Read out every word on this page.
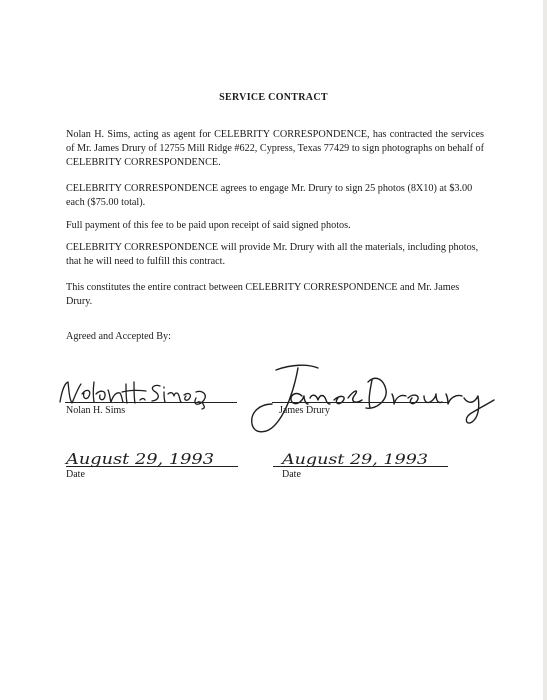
SERVICE CONTRACT

Nolan H. Sims, acting as agent for CELEBRITY CORRESPONDENCE, has contracted the services of Mr. James Drury of 12755 Mill Ridge #622, Cypress, Texas 77429 to sign photographs on behalf of CELEBRITY CORRESPONDENCE.

CELEBRITY CORRESPONDENCE agrees to engage Mr. Drury to sign 25 photos (8X10) at $3.00 each ($75.00 total).

Full payment of this fee to be paid upon receipt of said signed photos.

CELEBRITY CORRESPONDENCE will provide Mr. Drury with all the materials, including photos, that he will need to fulfill this contract.

This constitutes the entire contract between CELEBRITY CORRESPONDENCE and Mr. James Drury.

Agreed and Accepted By:

Nolan H. Sims	James Drury
August 29, 1993
Date
August 29, 1993
Date
